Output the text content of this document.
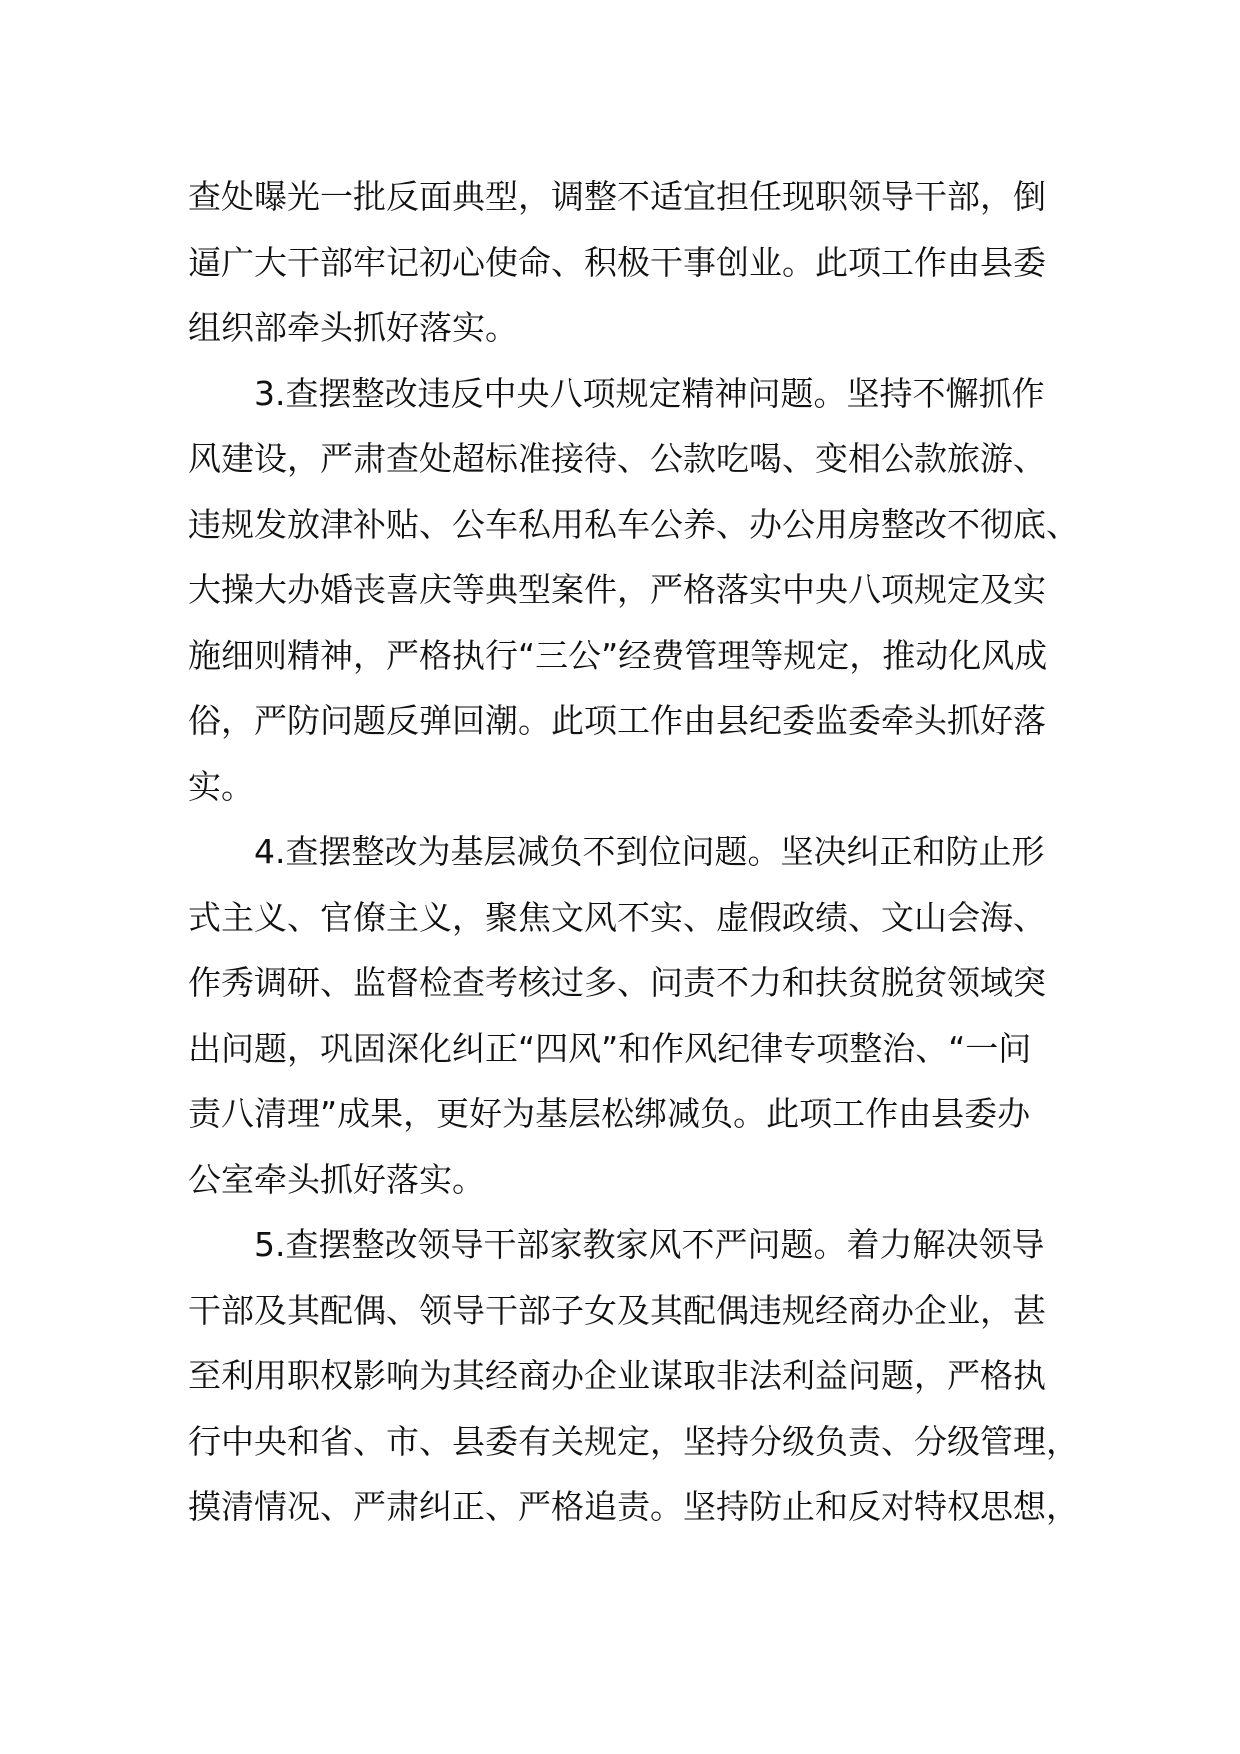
查处曝光一批反面典型，调整不适宜担任现职领导干部，倒
逼广大干部牢记初心使命、积极干事创业。此项工作由县委
组织部牵头抓好落实。
3.查摆整改违反中央八项规定精神问题。坚持不懈抓作
风建设，严肃查处超标准接待、公款吃喝、变相公款旅游、
违规发放津补贴、公车私用私车公养、办公用房整改不彻底、
大操大办婚丧喜庆等典型案件，严格落实中央八项规定及实
施细则精神，严格执行“三公”经费管理等规定，推动化风成
俗，严防问题反弹回潮。此项工作由县纪委监委牵头抓好落
实。
4.查摆整改为基层减负不到位问题。坚决纠正和防止形
式主义、官僚主义，聚焦文风不实、虚假政绩、文山会海、
作秀调研、监督检查考核过多、问责不力和扶贫脱贫领域突
出问题，巩固深化纠正“四风”和作风纪律专项整治、“一问
责八清理”成果，更好为基层松绑减负。此项工作由县委办
公室牵头抓好落实。
5.查摆整改领导干部家教家风不严问题。着力解决领导
干部及其配偶、领导干部子女及其配偶违规经商办企业，甚
至利用职权影响为其经商办企业谋取非法利益问题，严格执
行中央和省、市、县委有关规定，坚持分级负责、分级管理，
摸清情况、严肃纠正、严格追责。坚持防止和反对特权思想，
